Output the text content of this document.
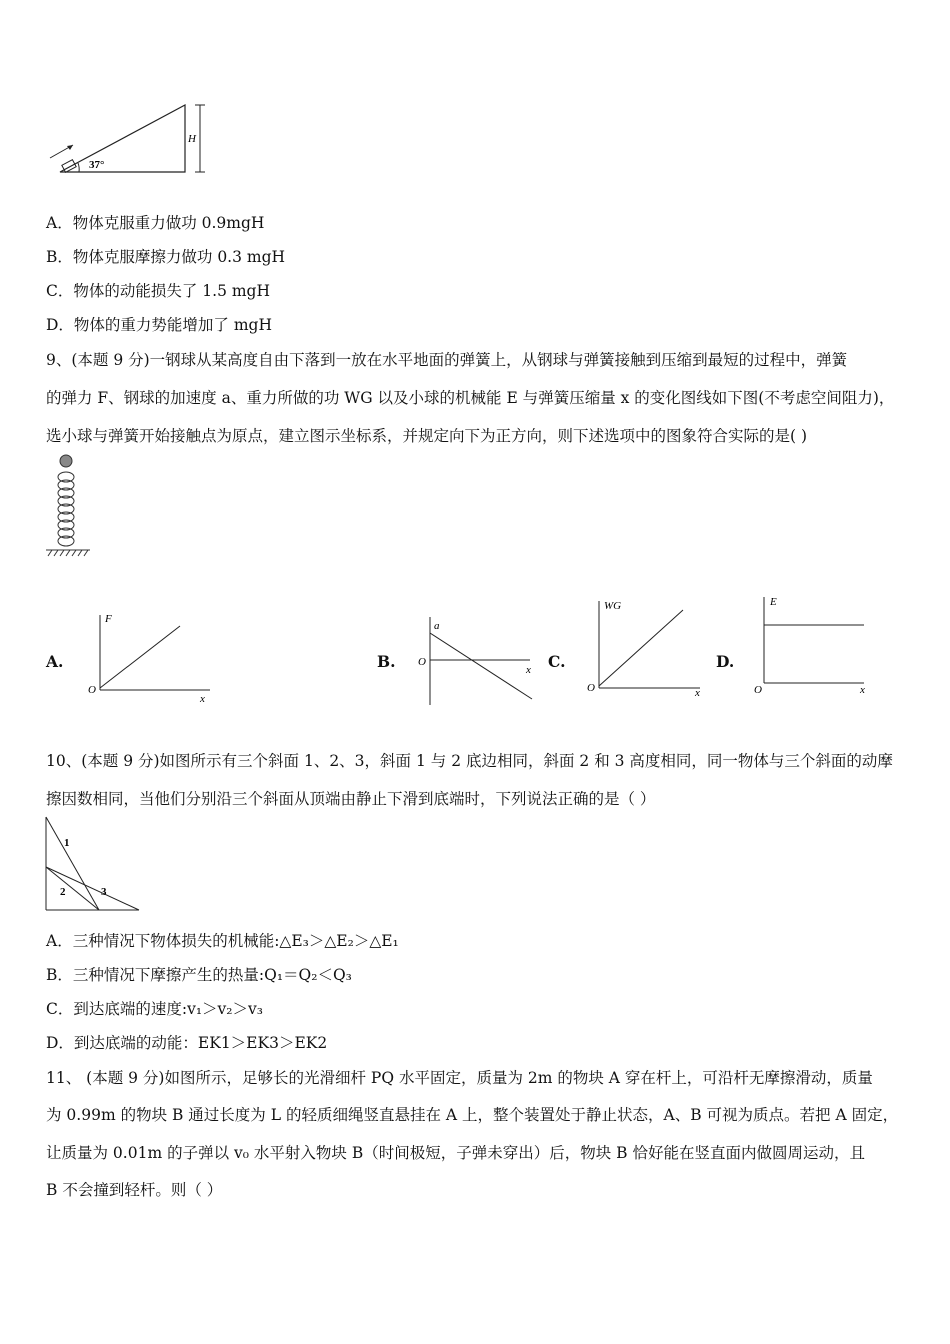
37°
H
A．物体克服重力做功 0.9mgH
B．物体克服摩擦力做功 0.3 mgH
C．物体的动能损失了 1.5 mgH
D．物体的重力势能增加了 mgH
9、(本题 9 分)一钢球从某高度自由下落到一放在水平地面的弹簧上，从钢球与弹簧接触到压缩到最短的过程中，弹簧
的弹力 F、钢球的加速度 a、重力所做的功 WG 以及小球的机械能 E 与弹簧压缩量 x 的变化图线如下图(不考虑空间阻力)，
选小球与弹簧开始接触点为原点，建立图示坐标系，并规定向下为正方向，则下述选项中的图象符合实际的是( )
A.
F
O
x
B.
a
O
x C.
WG
O	x
D.
E
O	x
10、(本题 9 分)如图所示有三个斜面 1、2、3，斜面 1 与 2 底边相同，斜面 2 和 3 高度相同，同一物体与三个斜面的动摩
擦因数相同，当他们分别沿三个斜面从顶端由静止下滑到底端时，下列说法正确的是（ ）
1
2	3
A．三种情况下物体损失的机械能:△E₃＞△E₂＞△E₁
B．三种情况下摩擦产生的热量:Q₁＝Q₂＜Q₃
C．到达底端的速度:v₁＞v₂＞v₃
D．到达底端的动能：EK1＞EK3＞EK2
11、 (本题 9 分)如图所示，足够长的光滑细杆 PQ 水平固定，质量为 2m 的物块 A 穿在杆上，可沿杆无摩擦滑动，质量
为 0.99m 的物块 B 通过长度为 L 的轻质细绳竖直悬挂在 A 上，整个装置处于静止状态，A、B 可视为质点。若把 A 固定，
让质量为 0.01m 的子弹以 v₀ 水平射入物块 B（时间极短，子弹未穿出）后，物块 B 恰好能在竖直面内做圆周运动，且
B 不会撞到轻杆。则（ ）
